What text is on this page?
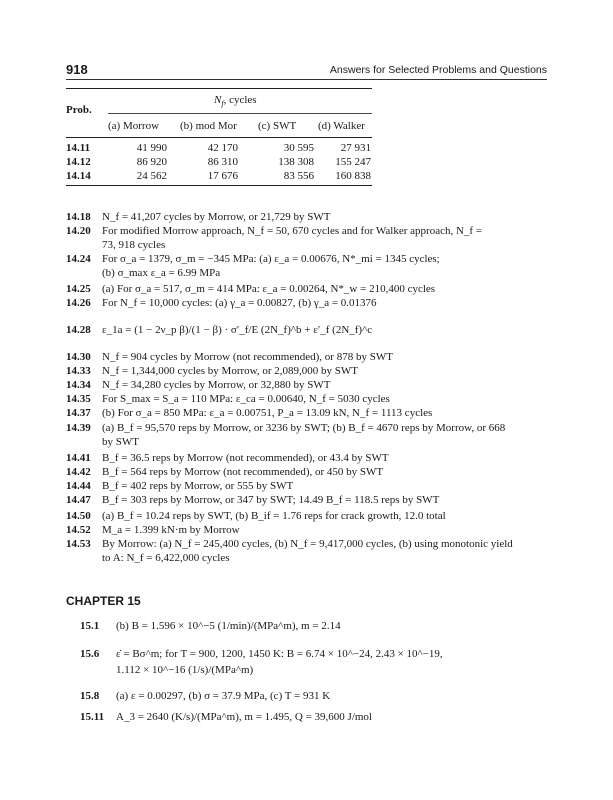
918	Answers for Selected Problems and Questions
Prob.
$N_f$, cycles
(a) Morrow (b) mod Mor (c) SWT (d) Walker
14.11	41 990	42 170	30 595	27 931
14.12	86 920	86 310	138 308	155 247
14.14	24 562	17 676	83 556	160 838
14.18 N_f = 41,207 cycles by Morrow, or 21,729 by SWT
14.20 For modified Morrow approach, N_f = 50, 670 cycles and for Walker approach, N_f =
73, 918 cycles
14.24 For σ_a = 1379, σ_m = −345 MPa: (a) ε_a = 0.00676, N*_mi = 1345 cycles;
(b) σ_max ε_a = 6.99 MPa
14.25 (a) For σ_a = 517, σ_m = 414 MPa: ε_a = 0.00264, N*_w = 210,400 cycles
14.26 For N_f = 10,000 cycles: (a) γ_a = 0.00827, (b) γ_a = 0.01376
14.28 ε_1a = (1 − 2ν_p β)/(1 − β) · σ′_f/E (2N_f)^b + ε′_f (2N_f)^c
14.30 N_f = 904 cycles by Morrow (not recommended), or 878 by SWT
14.33 N_f = 1,344,000 cycles by Morrow, or 2,089,000 by SWT
14.34 N_f = 34,280 cycles by Morrow, or 32,880 by SWT
14.35 For S_max = S_a = 110 MPa: ε_ca = 0.00640, N_f = 5030 cycles
14.37 (b) For σ_a = 850 MPa: ε_a = 0.00751, P_a = 13.09 kN, N_f = 1113 cycles
14.39 (a) B_f = 95,570 reps by Morrow, or 3236 by SWT; (b) B_f = 4670 reps by Morrow, or 668
by SWT
14.41 B_f = 36.5 reps by Morrow (not recommended), or 43.4 by SWT
14.42 B_f = 564 reps by Morrow (not recommended), or 450 by SWT
14.44 B_f = 402 reps by Morrow, or 555 by SWT
14.47 B_f = 303 reps by Morrow, or 347 by SWT; 14.49 B_f = 118.5 reps by SWT
14.50 (a) B_f = 10.24 reps by SWT, (b) B_if = 1.76 reps for crack growth, 12.0 total
14.52 M_a = 1.399 kN·m by Morrow
14.53 By Morrow: (a) N_f = 245,400 cycles, (b) N_f = 9,417,000 cycles, (b) using monotonic yield
to A: N_f = 6,422,000 cycles
CHAPTER 15
15.1 (b) B = 1.596 × 10^−5 (1/min)/(MPa^m), m = 2.14
15.6 ε̇ = Bσ^m; for T = 900, 1200, 1450 K: B = 6.74 × 10^−24, 2.43 × 10^−19,
1.112 × 10^−16 (1/s)/(MPa^m)
15.8 (a) ε = 0.00297, (b) σ = 37.9 MPa, (c) T = 931 K
15.11 A_3 = 2640 (K/s)/(MPa^m), m = 1.495, Q = 39,600 J/mol
